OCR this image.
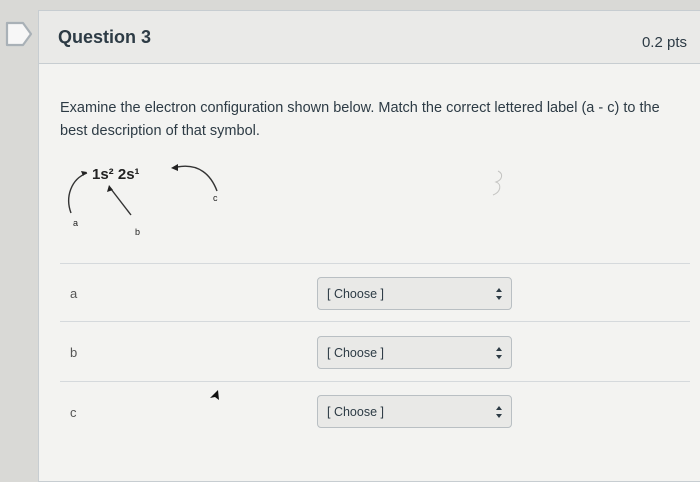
Question 3	0.2 pts
Examine the electron configuration shown below. Match the correct lettered label (a - c) to the best description of that symbol.
1s² 2s¹
a
b
c
a	[ Choose ]
b	[ Choose ]
c	[ Choose ]
